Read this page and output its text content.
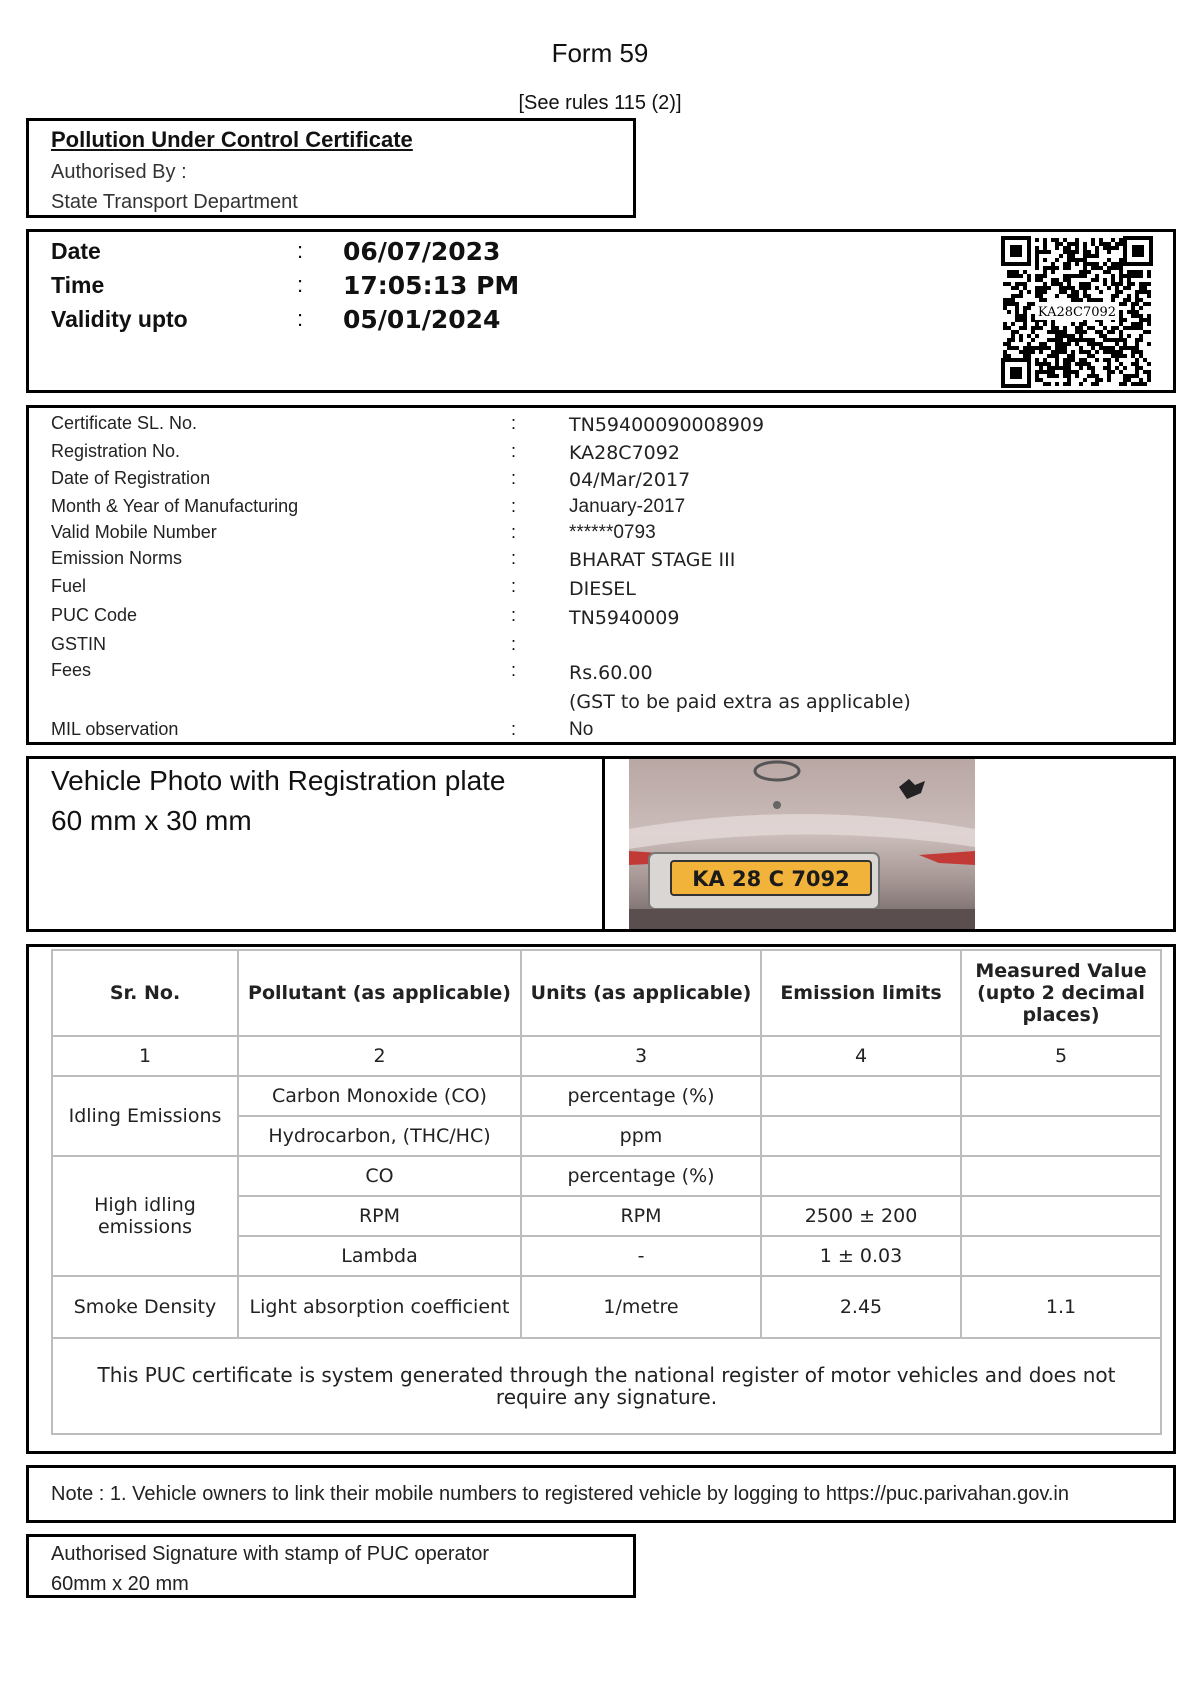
Form 59
[See rules 115 (2)]
Pollution Under Control Certificate
Authorised By :
State Transport Department
Date	: 06/07/2023
Time	: 17:05:13 PM
Validity upto	: 05/01/2024	KA28C7092
Certificate SL. No.	:	TN59400090008909
Registration No.	:	KA28C7092
Date of Registration	:	04/Mar/2017
Month & Year of Manufacturing	:	January-2017
Valid Mobile Number	:	******0793
Emission Norms	:	BHARAT STAGE III
Fuel	:	DIESEL
PUC Code	:	TN5940009
GSTIN	:
Fees	:	Rs.60.00
(GST to be paid extra as applicable)
MIL observation	:	No
Vehicle Photo with Registration plate
60 mm x 30 mm
KA 28 C 7092
Sr. No.	Pollutant (as applicable)	Units (as applicable)	Emission limits	Measured Value (upto 2 decimal places)
1	2	3	4	5
Idling Emissions	Carbon Monoxide (CO)	percentage (%)		
	Hydrocarbon, (THC/HC)	ppm		
High idling emissions	CO	percentage (%)		
	RPM	RPM	2500 ± 200	
	Lambda	-	1 ± 0.03	
Smoke Density	Light absorption coefficient	1/metre	2.45	1.1
This PUC certificate is system generated through the national register of motor vehicles and does not require any signature.				
Note : 1. Vehicle owners to link their mobile numbers to registered vehicle by logging to https://puc.parivahan.gov.in
Authorised Signature with stamp of PUC operator
60mm x 20 mm
